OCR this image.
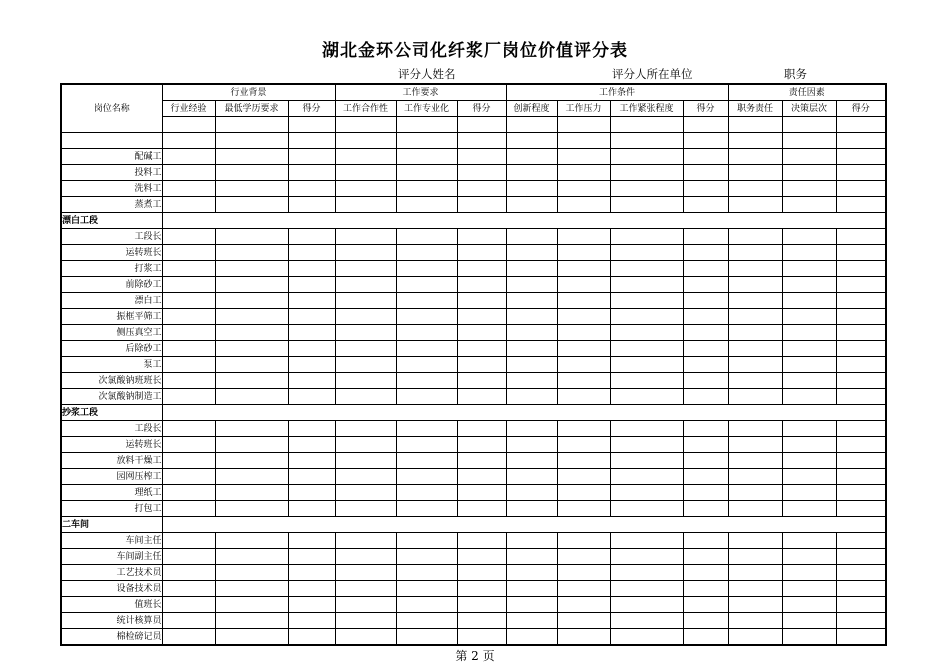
湖北金环公司化纤浆厂岗位价值评分表
评分人姓名	评分人所在单位	职务
岗位名称	行业背景			工作要求			工作条件				责任因素		
	行业经验	最低学历要求	得分	工作合作性	工作专业化	得分	创新程度	工作压力	工作紧张程度	得分	职务责任	决策层次	得分

配碱工													
投料工													
洗料工													
蒸煮工													
漂白工段													
工段长													
运转班长													
打浆工													
前除砂工													
漂白工													
振框平筛工													
侧压真空工													
后除砂工													
泵工													
次氯酸钠班班长													
次氯酸钠制造工													
抄浆工段													
工段长													
运转班长													
放料干燥工													
园网压榨工													
理纸工													
打包工													
二车间													
车间主任													
车间副主任													
工艺技术员													
设备技术员													
值班长													
统计核算员													
棉检磅记员													
第 2 页
